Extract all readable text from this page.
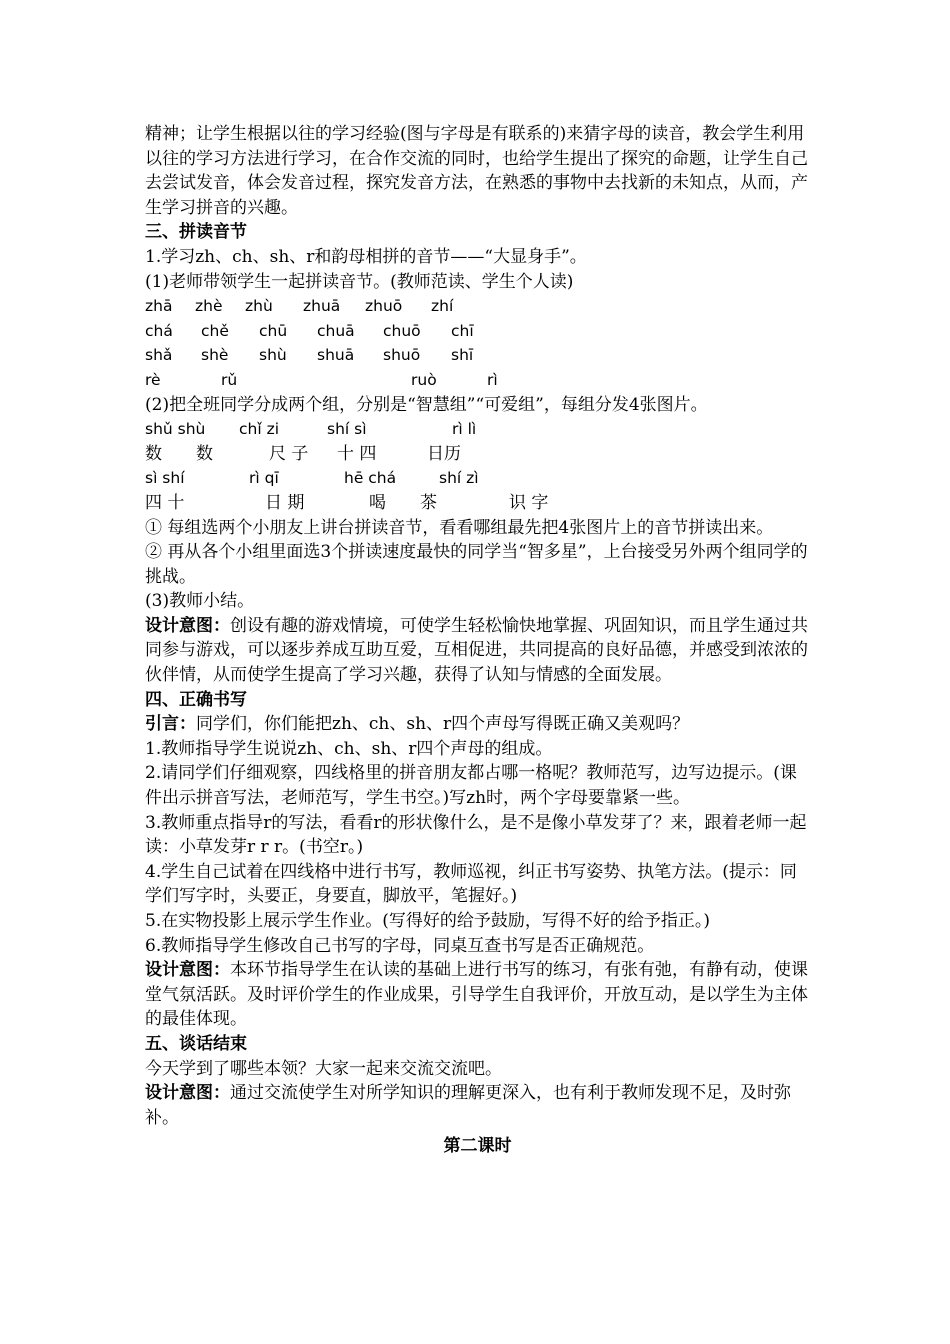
精神；让学生根据以往的学习经验(图与字母是有联系的)来猜字母的读音，教会学生利用以往的学习方法进行学习，在合作交流的同时，也给学生提出了探究的命题，让学生自己去尝试发音，体会发音过程，探究发音方法，在熟悉的事物中去找新的未知点，从而，产生学习拼音的兴趣。

三、拼读音节

1.学习zh、ch、sh、r和韵母相拼的音节——“大显身手”。

(1)老师带领学生一起拼读音节。(教师范读、学生个人读)

zhā	zhè	zhù	zhuā	zhuō	zhí
chá	chě	chū	chuā	chuō	chī
shǎ	shè	shù	shuā	shuō	shī
rè	rǔ	ruò	rì

(2)把全班同学分成两个组，分别是“智慧组”“可爱组”，每组分发4张图片。

shǔ shù	chǐ zi	shí sì	rì lì
数　　数	尺 子	十 四	日历
sì shí	rì qī	hē chá	shí zì
四 十	日 期	喝　　茶	识 字

① 每组选两个小朋友上讲台拼读音节，看看哪组最先把4张图片上的音节拼读出来。

② 再从各个小组里面选3个拼读速度最快的同学当“智多星”，上台接受另外两个组同学的挑战。

(3)教师小结。

设计意图：创设有趣的游戏情境，可使学生轻松愉快地掌握、巩固知识，而且学生通过共同参与游戏，可以逐步养成互助互爱，互相促进，共同提高的良好品德，并感受到浓浓的伙伴情，从而使学生提高了学习兴趣，获得了认知与情感的全面发展。

四、正确书写

引言：同学们，你们能把zh、ch、sh、r四个声母写得既正确又美观吗？

1.教师指导学生说说zh、ch、sh、r四个声母的组成。

2.请同学们仔细观察，四线格里的拼音朋友都占哪一格呢？教师范写，边写边提示。(课件出示拼音写法，老师范写，学生书空。)写zh时，两个字母要靠紧一些。

3.教师重点指导r的写法，看看r的形状像什么，是不是像小草发芽了？来，跟着老师一起读：小草发芽r r r。(书空r。)

4.学生自己试着在四线格中进行书写，教师巡视，纠正书写姿势、执笔方法。(提示：同学们写字时，头要正，身要直，脚放平，笔握好。)

5.在实物投影上展示学生作业。(写得好的给予鼓励，写得不好的给予指正。)

6.教师指导学生修改自己书写的字母，同桌互查书写是否正确规范。

设计意图：本环节指导学生在认读的基础上进行书写的练习，有张有弛，有静有动，使课堂气氛活跃。及时评价学生的作业成果，引导学生自我评价，开放互动，是以学生为主体的最佳体现。

五、谈话结束

今天学到了哪些本领？大家一起来交流交流吧。

设计意图：通过交流使学生对所学知识的理解更深入，也有利于教师发现不足，及时弥补。

第二课时
